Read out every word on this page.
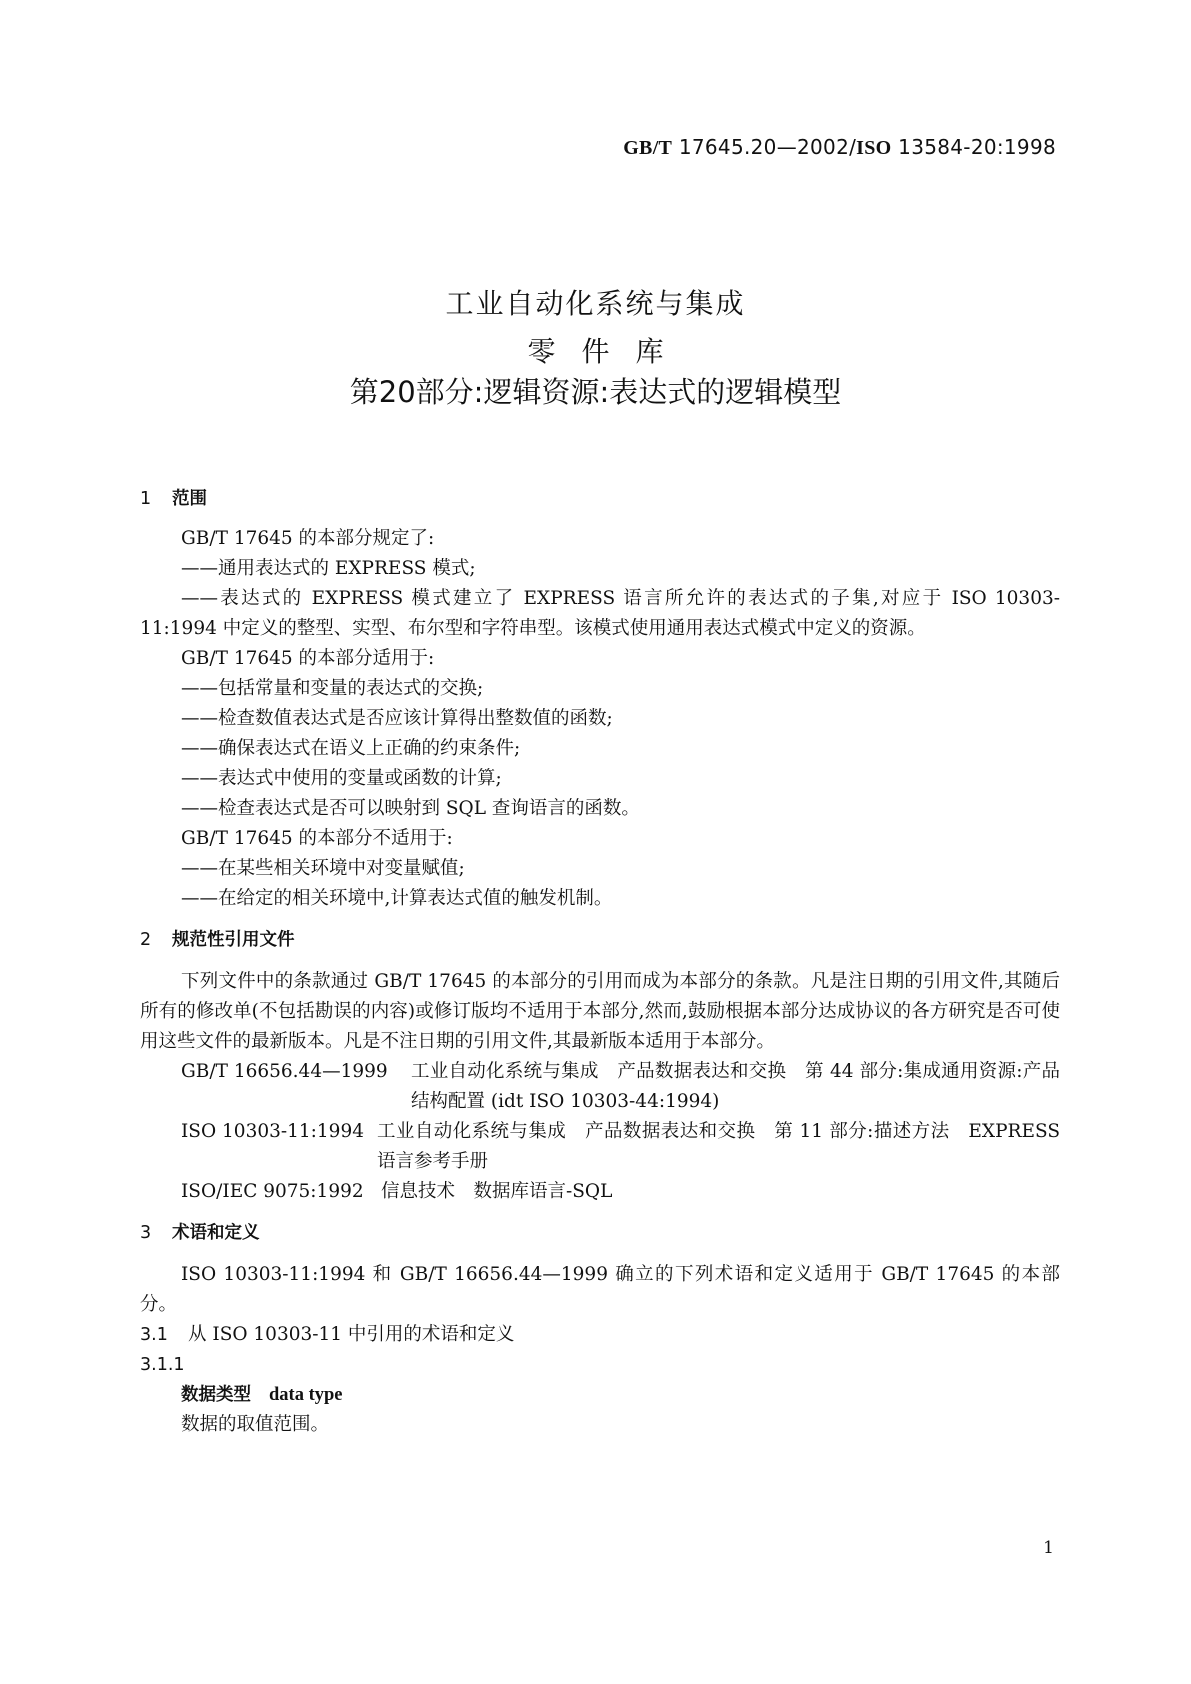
GB/T 17645.20—2002/ISO 13584-20:1998
工业自动化系统与集成
零件库
第20部分:逻辑资源:表达式的逻辑模型
1 范围

GB/T 17645 的本部分规定了:

——通用表达式的 EXPRESS 模式;

——表达式的 EXPRESS 模式建立了 EXPRESS 语言所允许的表达式的子集,对应于 ISO 10303-11:1994 中定义的整型、实型、布尔型和字符串型。该模式使用通用表达式模式中定义的资源。

GB/T 17645 的本部分适用于:

——包括常量和变量的表达式的交换;

——检查数值表达式是否应该计算得出整数值的函数;

——确保表达式在语义上正确的约束条件;

——表达式中使用的变量或函数的计算;

——检查表达式是否可以映射到 SQL 查询语言的函数。

GB/T 17645 的本部分不适用于:

——在某些相关环境中对变量赋值;

——在给定的相关环境中,计算表达式值的触发机制。

2 规范性引用文件

下列文件中的条款通过 GB/T 17645 的本部分的引用而成为本部分的条款。凡是注日期的引用文件,其随后所有的修改单(不包括勘误的内容)或修订版均不适用于本部分,然而,鼓励根据本部分达成协议的各方研究是否可使用这些文件的最新版本。凡是不注日期的引用文件,其最新版本适用于本部分。

GB/T 16656.44—1999	工业自动化系统与集成　产品数据表达和交换　第 44 部分:集成通用资源:产品结构配置 (idt ISO 10303-44:1994)
ISO 10303-11:1994 工业自动化系统与集成　产品数据表达和交换　第 11 部分:描述方法　EXPRESS 语言参考手册
ISO/IEC 9075:1992 信息技术　数据库语言-SQL
3 术语和定义

ISO 10303-11:1994 和 GB/T 16656.44—1999 确立的下列术语和定义适用于 GB/T 17645 的本部分。

3.1 从 ISO 10303-11 中引用的术语和定义

3.1.1

数据类型 data type

数据的取值范围。

1
